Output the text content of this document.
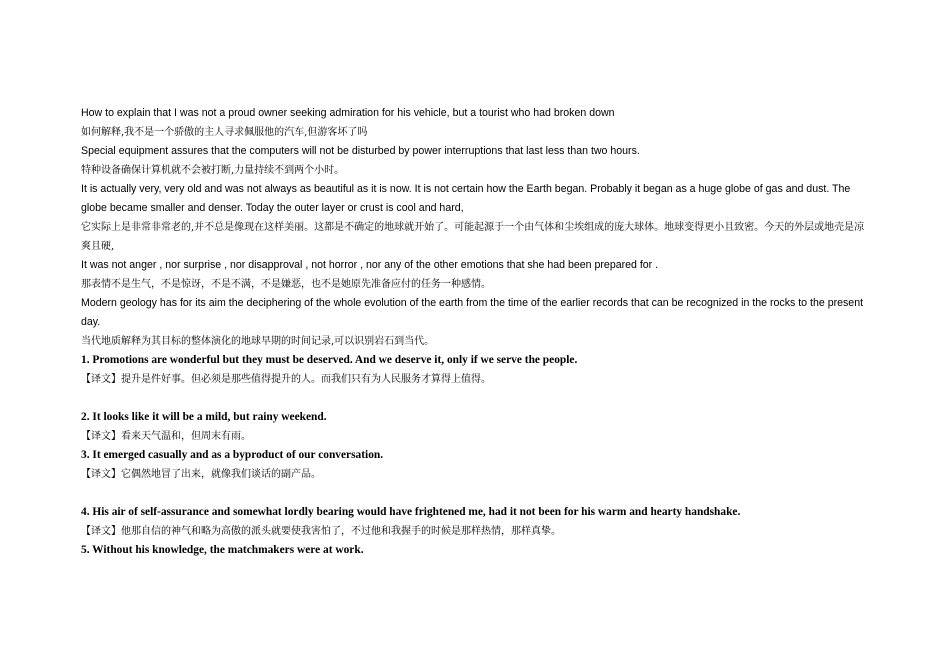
How to explain that I was not a proud owner seeking admiration for his vehicle, but a tourist who had broken down

如何解释,我不是一个骄傲的主人寻求佩服他的汽车,但游客坏了吗

Special equipment assures that the computers will not be disturbed by power interruptions that last less than two hours.

特种设备确保计算机就不会被打断,力量持续不到两个小时。

It is actually very, very old and was not always as beautiful as it is now. It is not certain how the Earth began. Probably it began as a huge globe of gas and dust. The globe became smaller and denser. Today the outer layer or crust is cool and hard,

它实际上是非常非常老的,并不总是像现在这样美丽。这都是不确定的地球就开始了。可能起源于一个由气体和尘埃组成的庞大球体。地球变得更小且致密。今天的外层或地壳是凉爽且硬,

It was not anger , nor surprise , nor disapproval , not horror , nor any of the other emotions that she had been prepared for .

那表情不是生气，不是惊讶，不是不满，不是嫌恶，也不是她原先准备应付的任务一种感情。

Modern geology has for its aim the deciphering of the whole evolution of the earth from the time of the earlier records that can be recognized in the rocks to the present day.

当代地质解释为其目标的整体演化的地球早期的时间记录,可以识别岩石到当代。

1. Promotions are wonderful but they must be deserved. And we deserve it, only if we serve the people.

【译文】提升是件好事。但必须是那些值得提升的人。而我们只有为人民服务才算得上值得。

2. It looks like it will be a mild, but rainy weekend.

【译文】看来天气温和，但周末有雨。

3. It emerged casually and as a byproduct of our conversation.

【译文】它偶然地冒了出来，就像我们谈话的副产品。

4. His air of self-assurance and somewhat lordly bearing would have frightened me, had it not been for his warm and hearty handshake.

【译文】他那自信的神气和略为高傲的派头就要使我害怕了，不过他和我握手的时候是那样热情，那样真挚。

5. Without his knowledge, the matchmakers were at work.
